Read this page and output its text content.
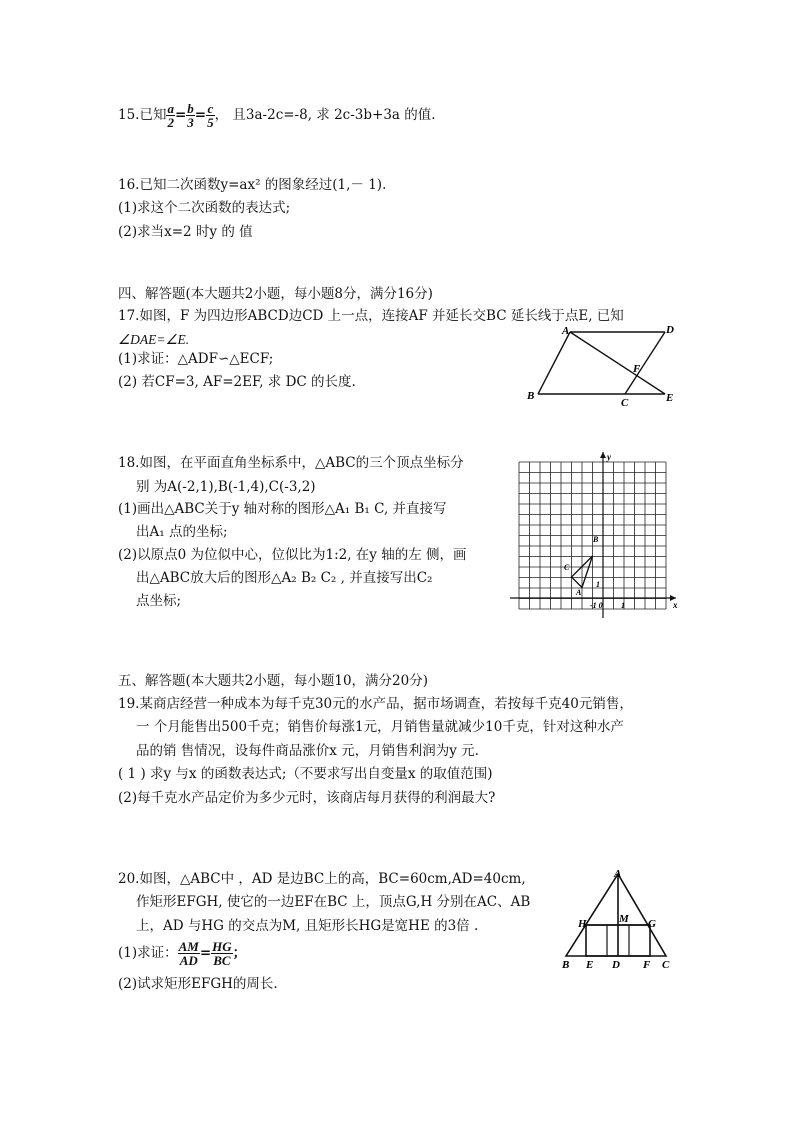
15.已知 $\frac{a}{2} = \frac{b}{3} = \frac{c}{5}$ ， 且3a-2c=-8, 求 2c-3b+3a 的值.
16.已知二次函数y=ax² 的图象经过(1,－ 1).
(1)求这个二次函数的表达式;
(2)求当x=2 时y 的 值
四、解答题(本大题共2小题，每小题8分，满分16分)
17.如图，F 为四边形ABCD边CD 上一点，连接AF 并延长交BC 延长线于点E, 已知
∠DAE=∠E.
(1)求证：△ADF∽△ECF;
(2) 若CF=3, AF=2EF, 求 DC 的长度.
A	D
F
B
C	E
18.如图，在平面直角坐标系中，△ABC的三个顶点坐标分
别 为A(-2,1),B(-1,4),C(-3,2)
(1)画出△ABC关于y 轴对称的图形△A₁ B₁ C, 并直接写
出A₁ 点的坐标;
(2)以原点0 为位似中心，位似比为1:2, 在y 轴的左 侧，画
出△ABC放大后的图形△A₂ B₂ C₂ , 并直接写出C₂
点坐标;
y
x
A
B
C
1
-1 0 1
五、解答题(本大题共2小题，每小题10，满分20分)
19.某商店经营一种成本为每千克30元的水产品，据市场调查，若按每千克40元销售，
一 个月能售出500千克；销售价每涨1元，月销售量就减少10千克，针对这种水产
品的销 售情况，设每件商品涨价x 元，月销售利润为y 元.
( 1 ) 求y 与x 的函数表达式;（不要求写出自变量x 的取值范围)
(2)每千克水产品定价为多少元时，该商店每月获得的利润最大?
20.如图，△ABC中 ，AD 是边BC上的高，BC=60cm,AD=40cm,
作矩形EFGH, 使它的一边EF在BC 上，顶点G,H 分别在AC、AB
上，AD 与HG 的交点为M, 且矩形长HG是宽HE 的3倍 .
(1)求证： $\frac{AM}{AD} = \frac{HG}{BC}$ ；
(2)试求矩形EFGH的周长.
A
H	M G
B E D F C
